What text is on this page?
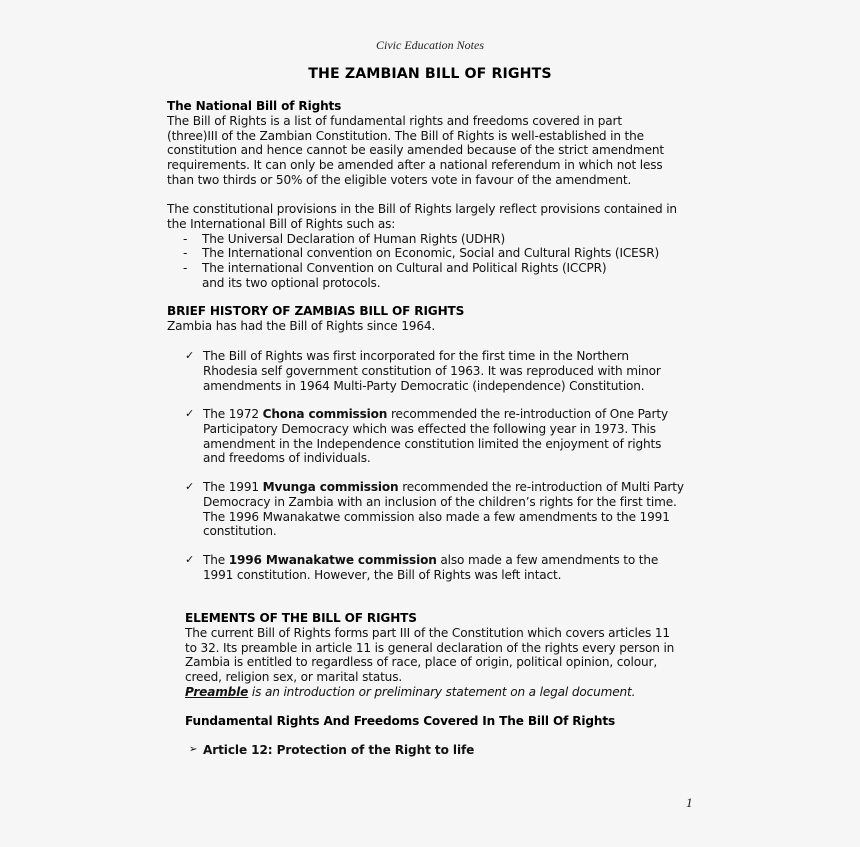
Civic Education Notes
THE ZAMBIAN BILL OF RIGHTS

The National Bill of Rights

The Bill of Rights is a list of fundamental rights and freedoms covered in part

(three)III of the Zambian Constitution. The Bill of Rights is well-established in the

constitution and hence cannot be easily amended because of the strict amendment

requirements. It can only be amended after a national referendum in which not less

than two thirds or 50% of the eligible voters vote in favour of the amendment.

The constitutional provisions in the Bill of Rights largely reflect provisions contained in

the International Bill of Rights such as:

- The Universal Declaration of Human Rights (UDHR)
- The International convention on Economic, Social and Cultural Rights (ICESR)
- The international Convention on Cultural and Political Rights (ICCPR)
and its two optional protocols.

BRIEF HISTORY OF ZAMBIAS BILL OF RIGHTS

Zambia has had the Bill of Rights since 1964.

✓ The Bill of Rights was first incorporated for the first time in the Northern

Rhodesia self government constitution of 1963. It was reproduced with minor

amendments in 1964 Multi-Party Democratic (independence) Constitution.

✓ The 1972 Chona commission recommended the re-introduction of One Party

Participatory Democracy which was effected the following year in 1973. This

amendment in the Independence constitution limited the enjoyment of rights

and freedoms of individuals.

✓ The 1991 Mvunga commission recommended the re-introduction of Multi Party

Democracy in Zambia with an inclusion of the children’s rights for the first time.

The 1996 Mwanakatwe commission also made a few amendments to the 1991

constitution.

✓ The 1996 Mwanakatwe commission also made a few amendments to the

1991 constitution. However, the Bill of Rights was left intact.

ELEMENTS OF THE BILL OF RIGHTS

The current Bill of Rights forms part III of the Constitution which covers articles 11

to 32. Its preamble in article 11 is general declaration of the rights every person in

Zambia is entitled to regardless of race, place of origin, political opinion, colour,

creed, religion sex, or marital status.

Preamble is an introduction or preliminary statement on a legal document.

Fundamental Rights And Freedoms Covered In The Bill Of Rights

➢ Article 12: Protection of the Right to life
1
